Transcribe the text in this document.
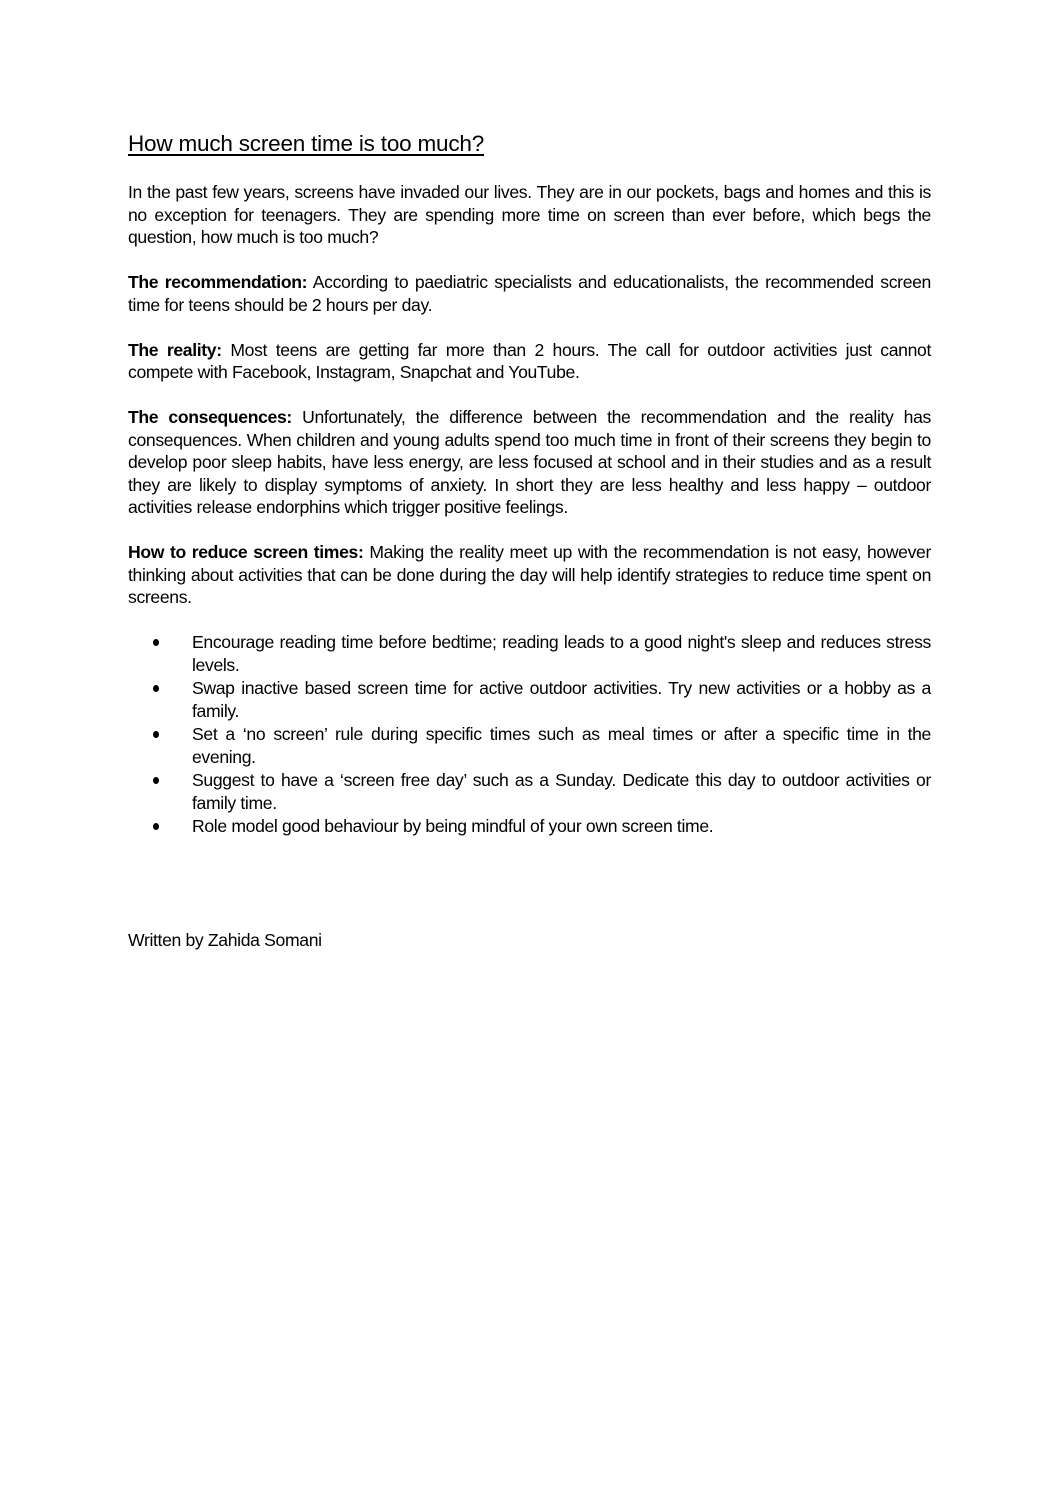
How much screen time is too much?

In the past few years, screens have invaded our lives. They are in our pockets, bags and homes and this is no exception for teenagers. They are spending more time on screen than ever before, which begs the question, how much is too much?

The recommendation: According to paediatric specialists and educationalists, the recommended screen time for teens should be 2 hours per day.

The reality: Most teens are getting far more than 2 hours. The call for outdoor activities just cannot compete with Facebook, Instagram, Snapchat and YouTube.

The consequences: Unfortunately, the difference between the recommendation and the reality has consequences. When children and young adults spend too much time in front of their screens they begin to develop poor sleep habits, have less energy, are less focused at school and in their studies and as a result they are likely to display symptoms of anxiety. In short they are less healthy and less happy – outdoor activities release endorphins which trigger positive feelings.

How to reduce screen times: Making the reality meet up with the recommendation is not easy, however thinking about activities that can be done during the day will help identify strategies to reduce time spent on screens.

Encourage reading time before bedtime; reading leads to a good night's sleep and reduces stress levels.
Swap inactive based screen time for active outdoor activities. Try new activities or a hobby as a family.
Set a ‘no screen’ rule during specific times such as meal times or after a specific time in the evening.
Suggest to have a ‘screen free day’ such as a Sunday. Dedicate this day to outdoor activities or family time.
Role model good behaviour by being mindful of your own screen time.
Written by Zahida Somani
